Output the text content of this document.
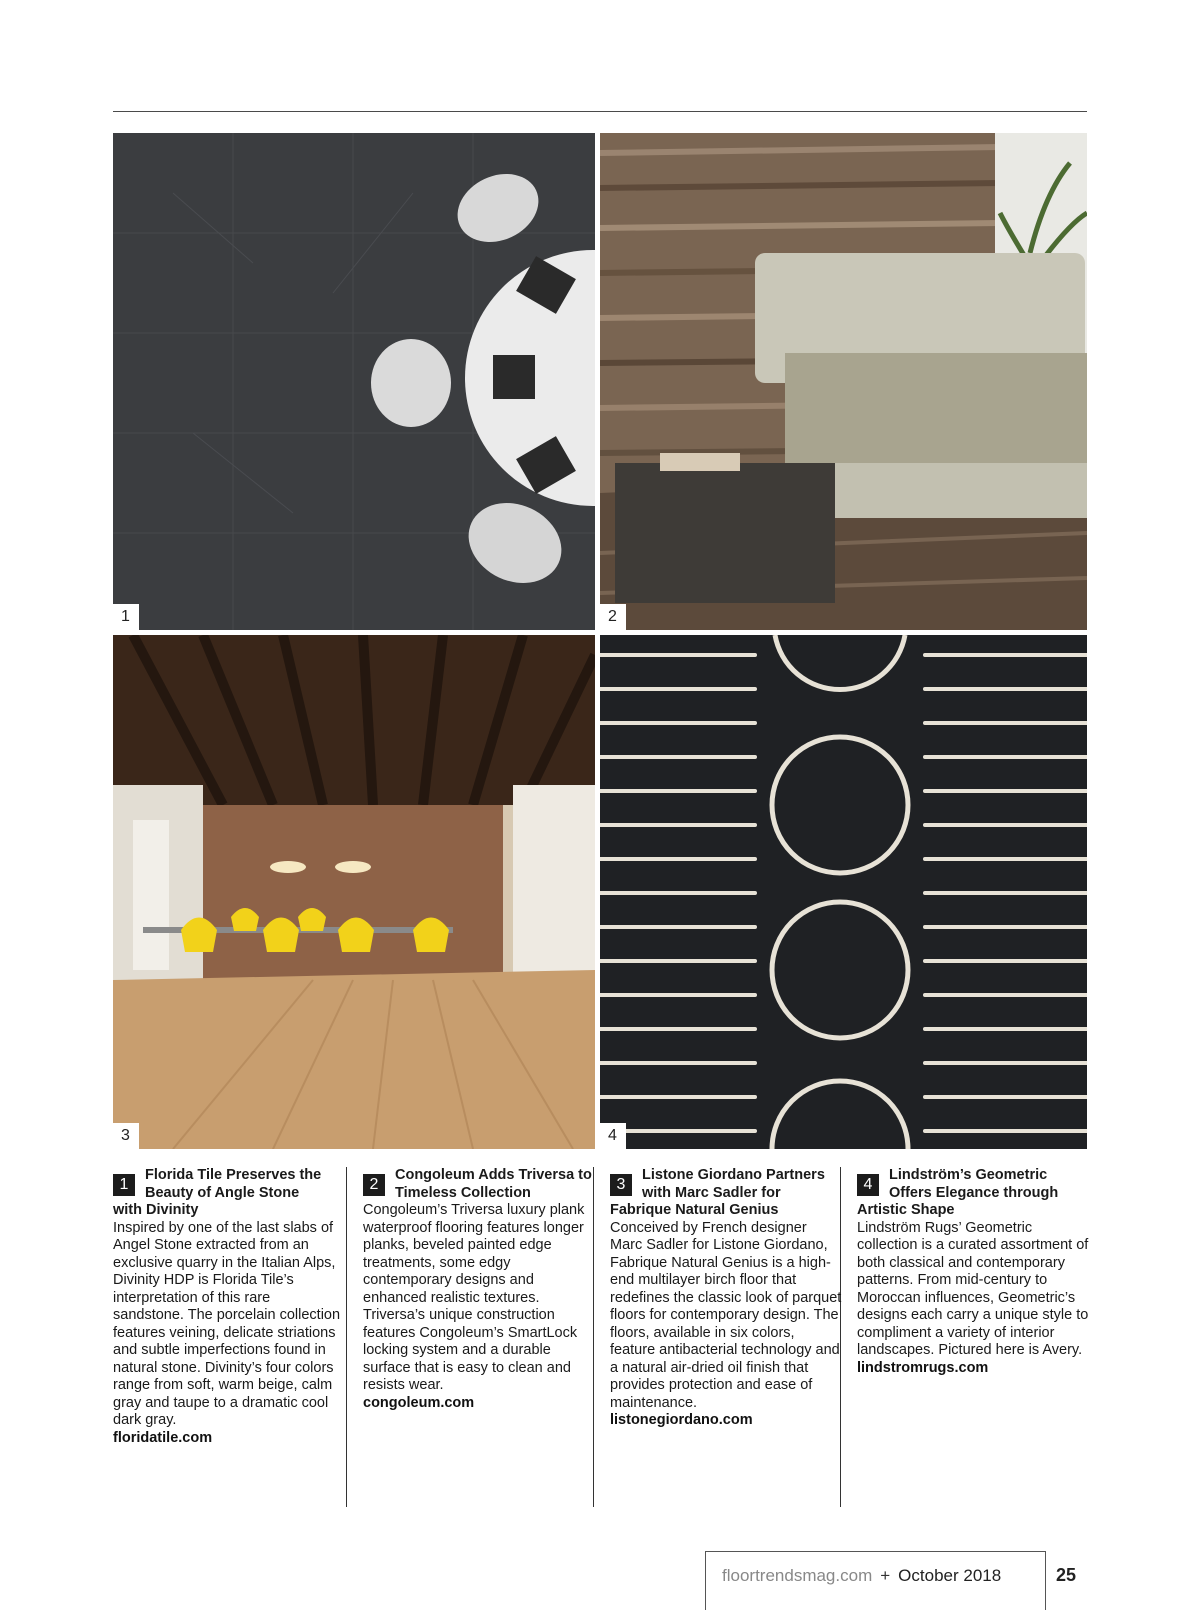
1	2
3	4
1
Florida Tile Preserves the Beauty of Angle Stone
with Divinity
Inspired by one of the last slabs of Angel Stone extracted from an exclusive quarry in the Italian Alps, Divinity HDP is Florida Tile’s interpretation of this rare sandstone. The porcelain collection features veining, delicate striations and subtle imperfections found in natural stone. Divinity’s four colors range from soft, warm beige, calm gray and taupe to a dramatic cool dark gray.
floridatile.com
2
Congoleum Adds Triversa to Timeless Collection
Congoleum’s Triversa luxury plank waterproof flooring features longer planks, beveled painted edge treatments, some edgy contemporary designs and enhanced realistic textures. Triversa’s unique construction features Congoleum’s SmartLock locking system and a durable surface that is easy to clean and resists wear.
congoleum.com
3
Listone Giordano Partners with Marc Sadler for
Fabrique Natural Genius
Conceived by French designer Marc Sadler for Listone Giordano, Fabrique Natural Genius is a high-end multilayer birch floor that redefines the classic look of parquet floors for contemporary design. The floors, available in six colors, feature antibacterial technology and a natural air-dried oil finish that provides protection and ease of maintenance.
listonegiordano.com
4
Lindström’s Geometric Offers Elegance through
Artistic Shape
Lindström Rugs’ Geometric collection is a curated assortment of both classical and contemporary patterns. From mid-century to Moroccan influences, Geometric’s designs each carry a unique style to compliment a variety of interior landscapes. Pictured here is Avery.
lindstromrugs.com
floortrendsmag.com + October 2018	25
